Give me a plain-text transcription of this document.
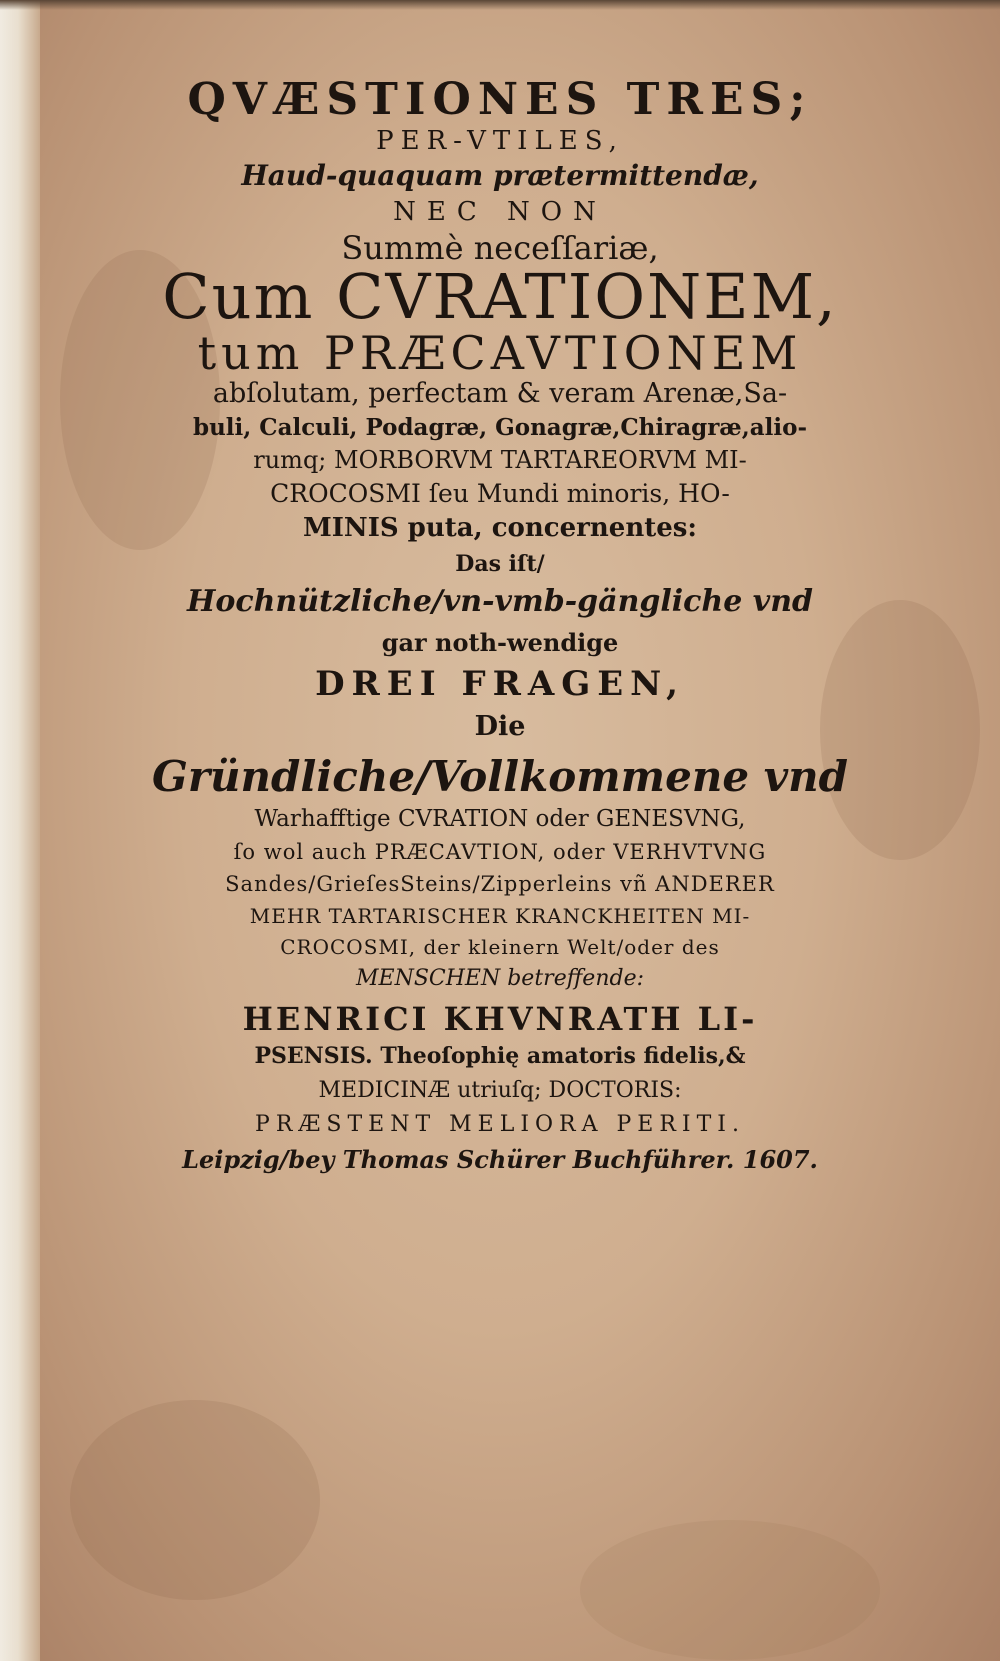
QVÆSTIONES TRES;
PER-VTILES,
Haud-quaquam prætermittendæ,
NEC NON
Summè neceſſariæ,
Cum CVRATIONEM,
tum PRÆCAVTIONEM
abſolutam, perfectam & veram Arenæ,Sa-
buli, Calculi, Podagræ, Gonagræ,Chiragræ,alio-
rumq; MORBORVM TARTAREORVM MI-
CROCOSMI ſeu Mundi minoris, HO-
MINIS puta, concernentes:
Das iſt/
Hochnützliche/vn-vmb-gängliche vnd
gar noth-wendige
DREI FRAGEN,
Die
Gründliche/Vollkommene vnd
Warhafftige CVRATION oder GENESVNG,
ſo wol auch PRÆCAVTION, oder VERHVTVNG
Sandes/GrieſesSteins/Zipperleins vñ ANDERER
MEHR TARTARISCHER KRANCKHEITEN MI-
CROCOSMI, der kleinern Welt/oder des
MENSCHEN betreffende:
HENRICI KHVNRATH LI-
PSENSIS. Theoſophię amatoris fidelis,&
MEDICINÆ utriuſq; DOCTORIS:
PRÆSTENT MELIORA PERITI.
Leipzig/bey Thomas Schürer Buchführer. 1607.
